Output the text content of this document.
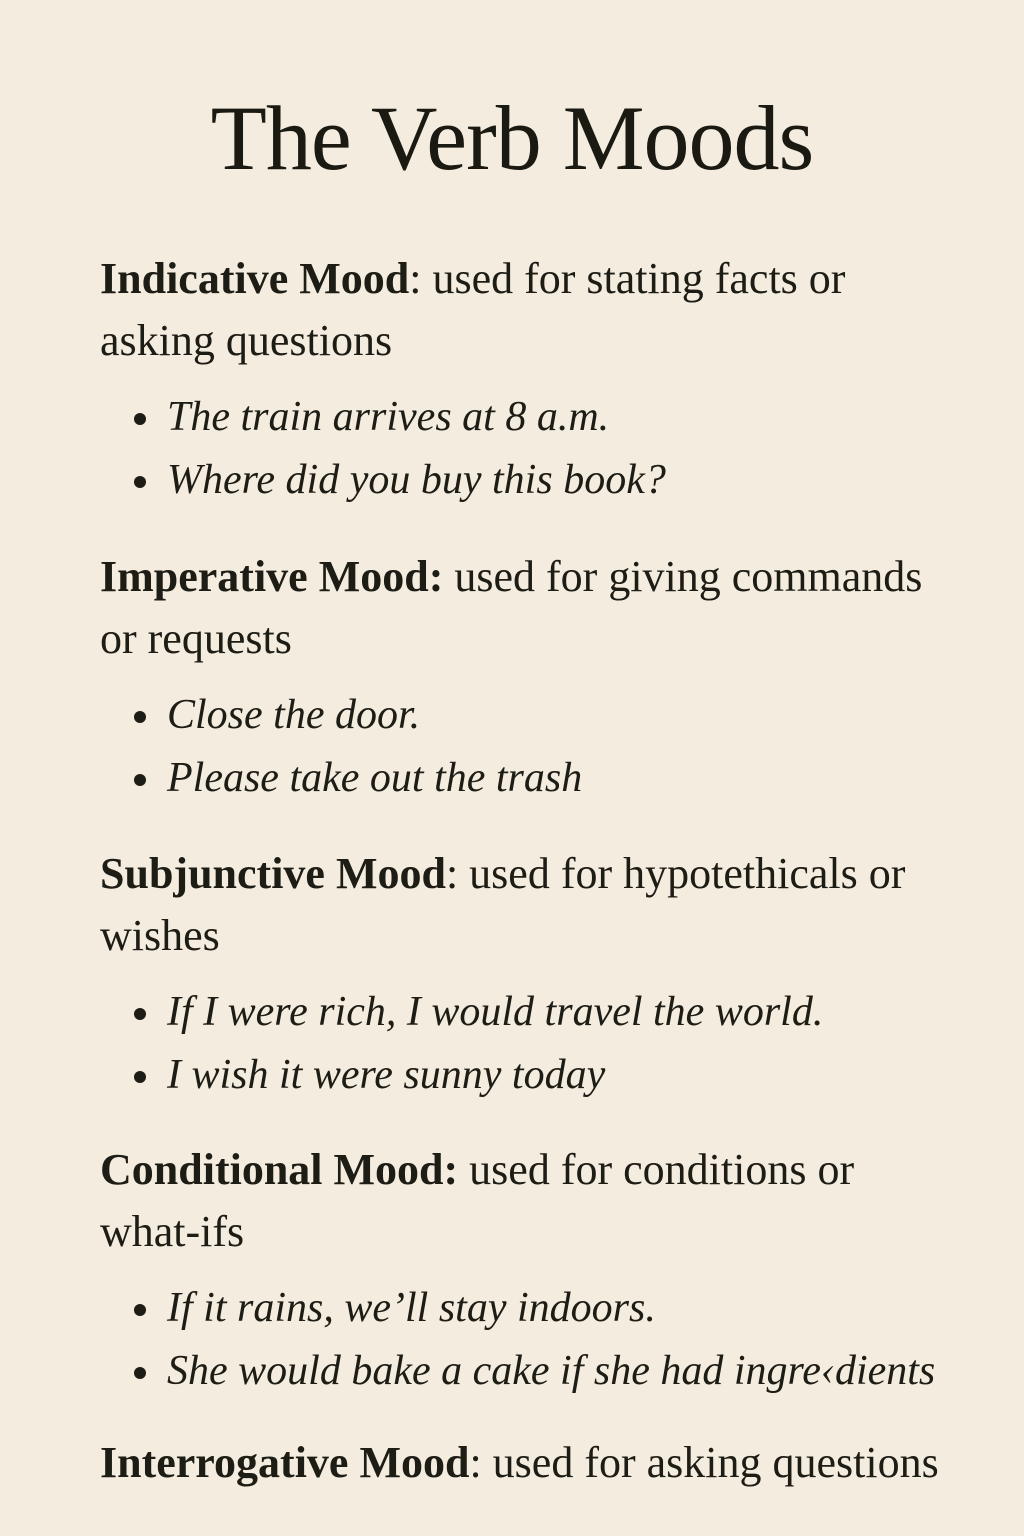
The Verb Moods

Indicative Mood: used for stating facts or asking questions

The train arrives at 8 a.m.
Where did you buy this book?

Imperative Mood: used for giving commands or requests

Close the door.
Please take out the trash

Subjunctive Mood: used for hypotethicals or wishes

If I were rich, I would travel the world.
I wish it were sunny today

Conditional Mood: used for conditions or what-ifs

If it rains, we’ll stay indoors.
She would bake a cake if she had ingre‹dients

Interrogative Mood: used for asking questions
